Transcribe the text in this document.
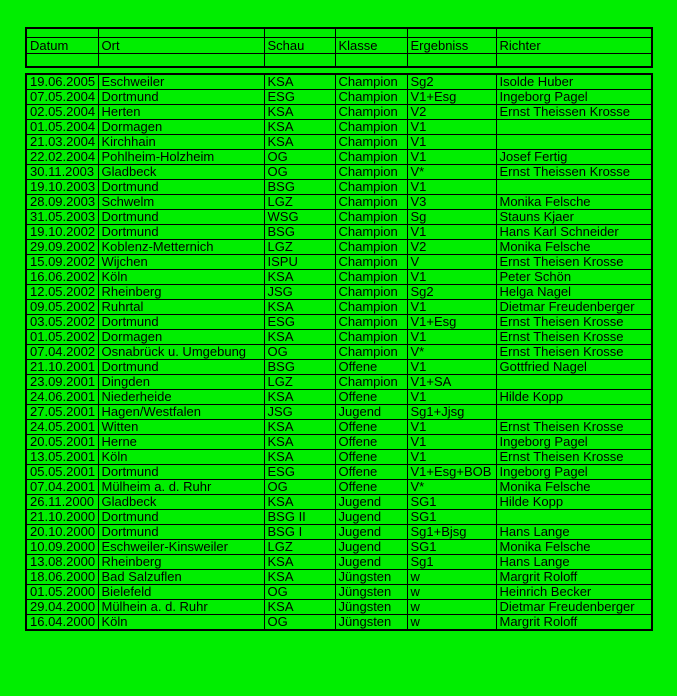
Datum	Ort	Schau	Klasse	Ergebniss	Richter

19.06.2005	Eschweiler	KSA	Champion	Sg2	Isolde Huber
07.05.2004	Dortmund	ESG	Champion	V1+Esg	Ingeborg Pagel
02.05.2004	Herten	KSA	Champion	V2	Ernst Theissen Krosse
01.05.2004	Dormagen	KSA	Champion	V1	
21.03.2004	Kirchhain	KSA	Champion	V1	
22.02.2004	Pohlheim-Holzheim	OG	Champion	V1	Josef Fertig
30.11.2003	Gladbeck	OG	Champion	V*	Ernst Theissen Krosse
19.10.2003	Dortmund	BSG	Champion	V1	
28.09.2003	Schwelm	LGZ	Champion	V3	Monika Felsche
31.05.2003	Dortmund	WSG	Champion	Sg	Stauns Kjaer
19.10.2002	Dortmund	BSG	Champion	V1	Hans Karl Schneider
29.09.2002	Koblenz-Metternich	LGZ	Champion	V2	Monika Felsche
15.09.2002	Wijchen	ISPU	Champion	V	Ernst Theisen Krosse
16.06.2002	Köln	KSA	Champion	V1	Peter Schön
12.05.2002	Rheinberg	JSG	Champion	Sg2	Helga Nagel
09.05.2002	Ruhrtal	KSA	Champion	V1	Dietmar Freudenberger
03.05.2002	Dortmund	ESG	Champion	V1+Esg	Ernst Theisen Krosse
01.05.2002	Dormagen	KSA	Champion	V1	Ernst Theisen Krosse
07.04.2002	Osnabrück u. Umgebung	OG	Champion	V*	Ernst Theisen Krosse
21.10.2001	Dortmund	BSG	Offene	V1	Gottfried Nagel
23.09.2001	Dingden	LGZ	Champion	V1+SA	
24.06.2001	Niederheide	KSA	Offene	V1	Hilde Kopp
27.05.2001	Hagen/Westfalen	JSG	Jugend	Sg1+Jjsg	
24.05.2001	Witten	KSA	Offene	V1	Ernst Theisen Krosse
20.05.2001	Herne	KSA	Offene	V1	Ingeborg Pagel
13.05.2001	Köln	KSA	Offene	V1	Ernst Theisen Krosse
05.05.2001	Dortmund	ESG	Offene	V1+Esg+BOB	Ingeborg Pagel
07.04.2001	Mülheim a. d. Ruhr	OG	Offene	V*	Monika Felsche
26.11.2000	Gladbeck	KSA	Jugend	SG1	Hilde Kopp
21.10.2000	Dortmund	BSG II	Jugend	SG1	
20.10.2000	Dortmund	BSG I	Jugend	Sg1+Bjsg	Hans Lange
10.09.2000	Eschweiler-Kinsweiler	LGZ	Jugend	SG1	Monika Felsche
13.08.2000	Rheinberg	KSA	Jugend	Sg1	Hans Lange
18.06.2000	Bad Salzuflen	KSA	Jüngsten	w	Margrit Roloff
01.05.2000	Bielefeld	OG	Jüngsten	w	Heinrich Becker
29.04.2000	Mülhein a. d. Ruhr	KSA	Jüngsten	w	Dietmar Freudenberger
16.04.2000	Köln	OG	Jüngsten	w	Margrit Roloff
